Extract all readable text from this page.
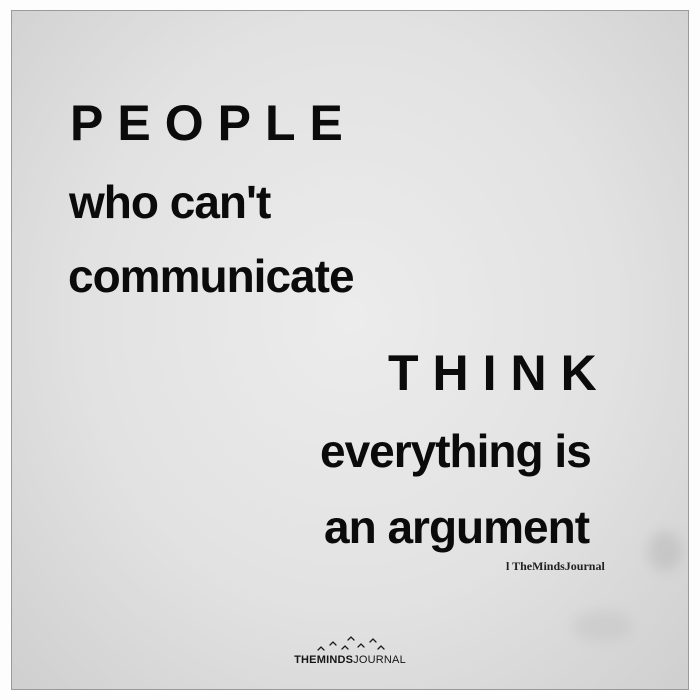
PEOPLE
who can't
communicate
THINK
everything is
an argument
l TheMindsJournal
THEMINDSJOURNAL
